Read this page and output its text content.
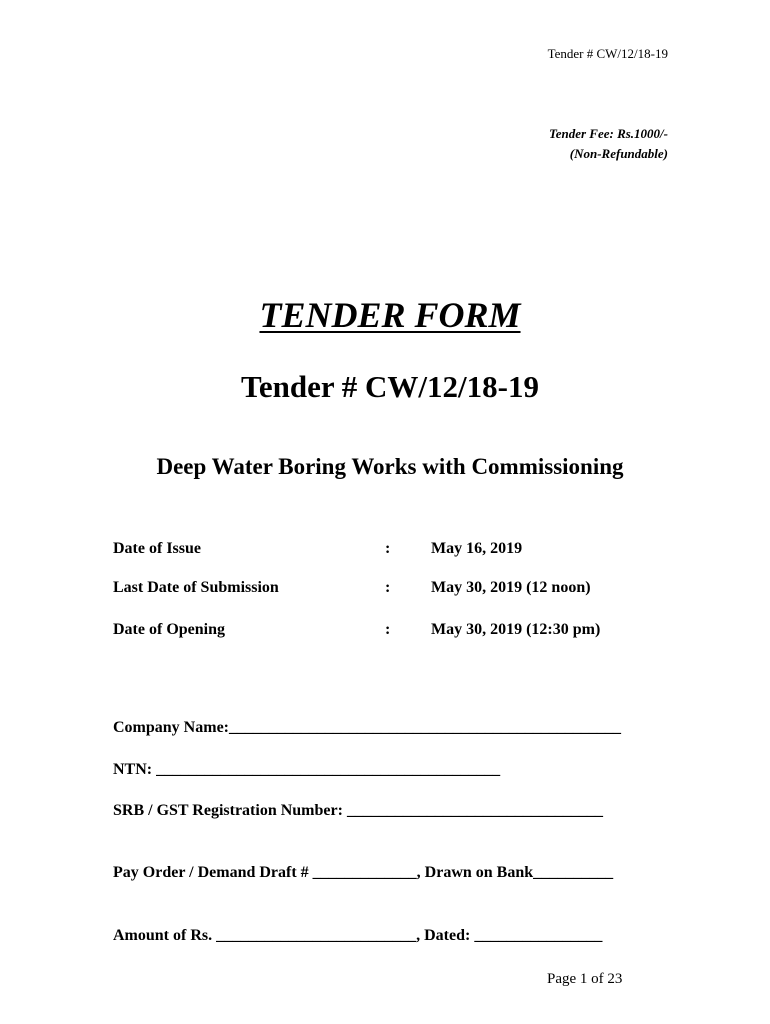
Tender # CW/12/18-19
Tender Fee: Rs.1000/-
(Non-Refundable)
TENDER FORM
Tender # CW/12/18-19
Deep Water Boring Works with Commissioning
Date of Issue	:	May 16, 2019
Last Date of Submission	:	May 30, 2019 (12 noon)
Date of Opening	:	May 30, 2019 (12:30 pm)
Company Name:_________________________________________________
NTN: ___________________________________________
SRB / GST Registration Number: ________________________________
Pay Order / Demand Draft # _____________, Drawn on Bank__________
Amount of Rs. _________________________, Dated: ________________
Page 1 of 23
